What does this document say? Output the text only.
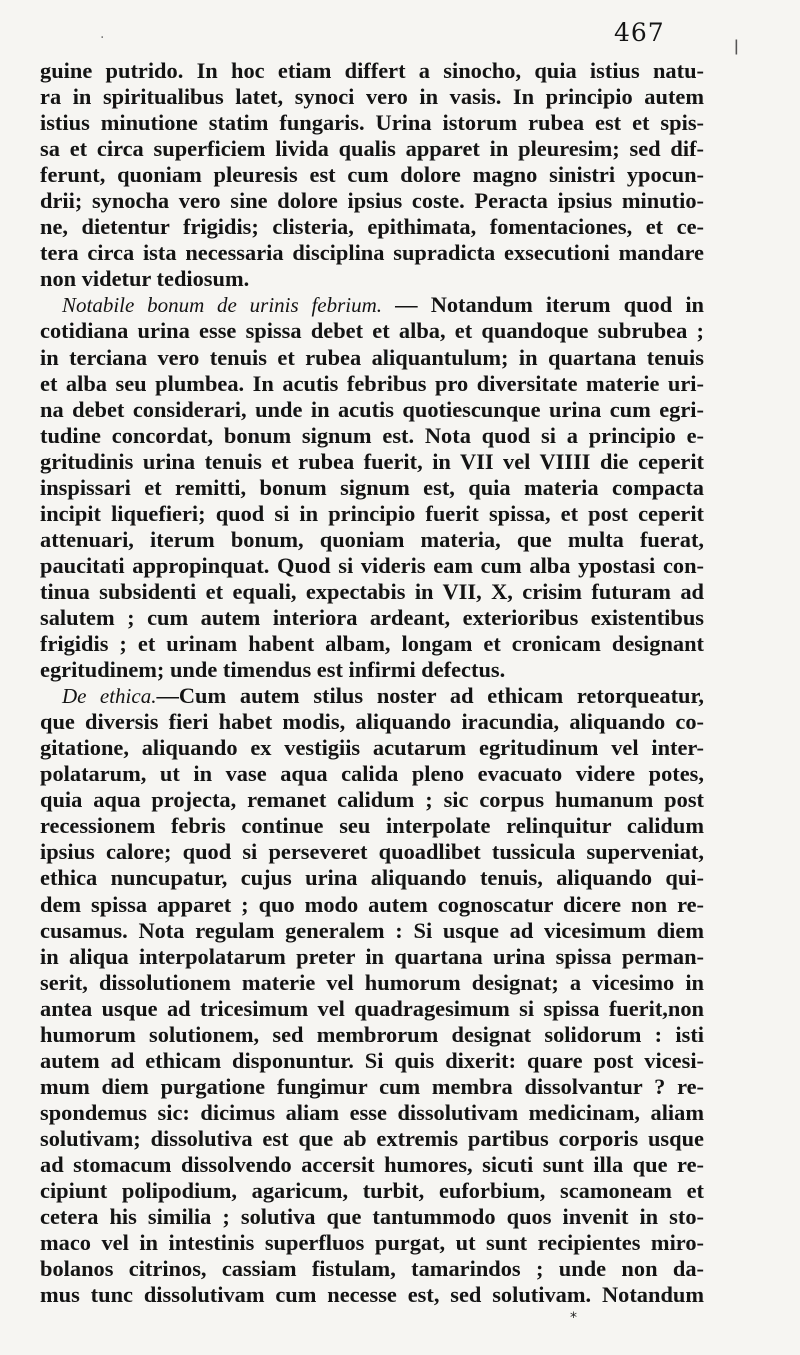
ǀ
·	467
guine putrido. In hoc etiam differt a sinocho, quia istius natu-
ra in spiritualibus latet, synoci vero in vasis. In principio autem
istius minutione statim fungaris. Urina istorum rubea est et spis-
sa et circa superficiem livida qualis apparet in pleuresim; sed dif-
ferunt, quoniam pleuresis est cum dolore magno sinistri ypocun-
drii; synocha vero sine dolore ipsius coste. Peracta ipsius minutio-
ne, dietentur frigidis; clisteria, epithimata, fomentaciones, et ce-
tera circa ista necessaria disciplina supradicta exsecutioni mandare
non videtur tediosum.
Notabile bonum de urinis febrium. — Notandum iterum quod in
cotidiana urina esse spissa debet et alba, et quandoque subrubea ;
in terciana vero tenuis et rubea aliquantulum; in quartana tenuis
et alba seu plumbea. In acutis febribus pro diversitate materie uri-
na debet considerari, unde in acutis quotiescunque urina cum egri-
tudine concordat, bonum signum est. Nota quod si a principio e-
gritudinis urina tenuis et rubea fuerit, in VII vel VIIII die ceperit
inspissari et remitti, bonum signum est, quia materia compacta
incipit liquefieri; quod si in principio fuerit spissa, et post ceperit
attenuari, iterum bonum, quoniam materia, que multa fuerat,
paucitati appropinquat. Quod si videris eam cum alba ypostasi con-
tinua subsidenti et equali, expectabis in VII, X, crisim futuram ad
salutem ; cum autem interiora ardeant, exterioribus existentibus
frigidis ; et urinam habent albam, longam et cronicam designant
egritudinem; unde timendus est infirmi defectus.
De ethica.—Cum autem stilus noster ad ethicam retorqueatur,
que diversis fieri habet modis, aliquando iracundia, aliquando co-
gitatione, aliquando ex vestigiis acutarum egritudinum vel inter-
polatarum, ut in vase aqua calida pleno evacuato videre potes,
quia aqua projecta, remanet calidum ; sic corpus humanum post
recessionem febris continue seu interpolate relinquitur calidum
ipsius calore; quod si perseveret quoadlibet tussicula superveniat,
ethica nuncupatur, cujus urina aliquando tenuis, aliquando qui-
dem spissa apparet ; quo modo autem cognoscatur dicere non re-
cusamus. Nota regulam generalem : Si usque ad vicesimum diem
in aliqua interpolatarum preter in quartana urina spissa perman-
serit, dissolutionem materie vel humorum designat; a vicesimo in
antea usque ad tricesimum vel quadragesimum si spissa fuerit,non
humorum solutionem, sed membrorum designat solidorum : isti
autem ad ethicam disponuntur. Si quis dixerit: quare post vicesi-
mum diem purgatione fungimur cum membra dissolvantur ? re-
spondemus sic: dicimus aliam esse dissolutivam medicinam, aliam
solutivam; dissolutiva est que ab extremis partibus corporis usque
ad stomacum dissolvendo accersit humores, sicuti sunt illa que re-
cipiunt polipodium, agaricum, turbit, euforbium, scamoneam et
cetera his similia ; solutiva que tantummodo quos invenit in sto-
maco vel in intestinis superfluos purgat, ut sunt recipientes miro-
bolanos citrinos, cassiam fistulam, tamarindos ; unde non da-
mus tunc dissolutivam cum necesse est, sed solutivam. Notandum
*
